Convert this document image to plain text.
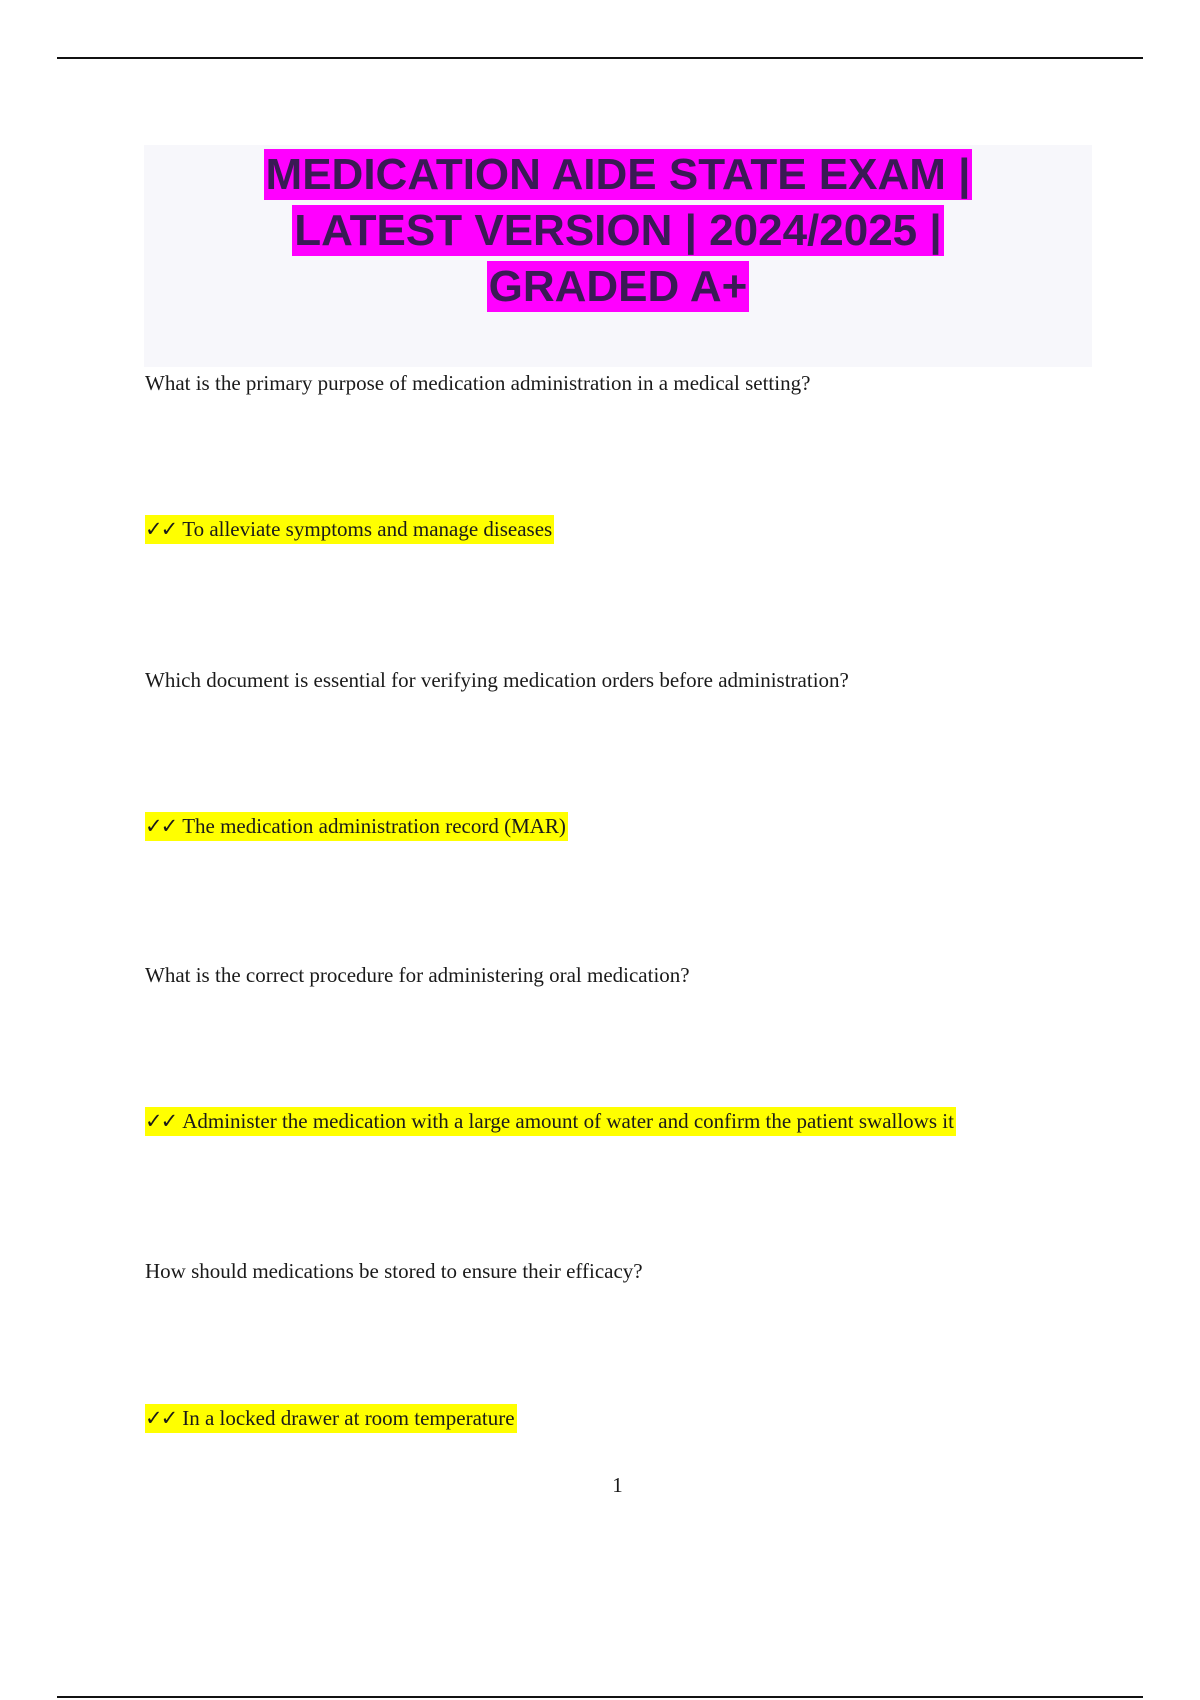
MEDICATION AIDE STATE EXAM |
LATEST VERSION | 2024/2025 |
GRADED A+
What is the primary purpose of medication administration in a medical setting?
✓✓ To alleviate symptoms and manage diseases
Which document is essential for verifying medication orders before administration?
✓✓ The medication administration record (MAR)
What is the correct procedure for administering oral medication?
✓✓ Administer the medication with a large amount of water and confirm the patient swallows it
How should medications be stored to ensure their efficacy?
✓✓ In a locked drawer at room temperature
1
